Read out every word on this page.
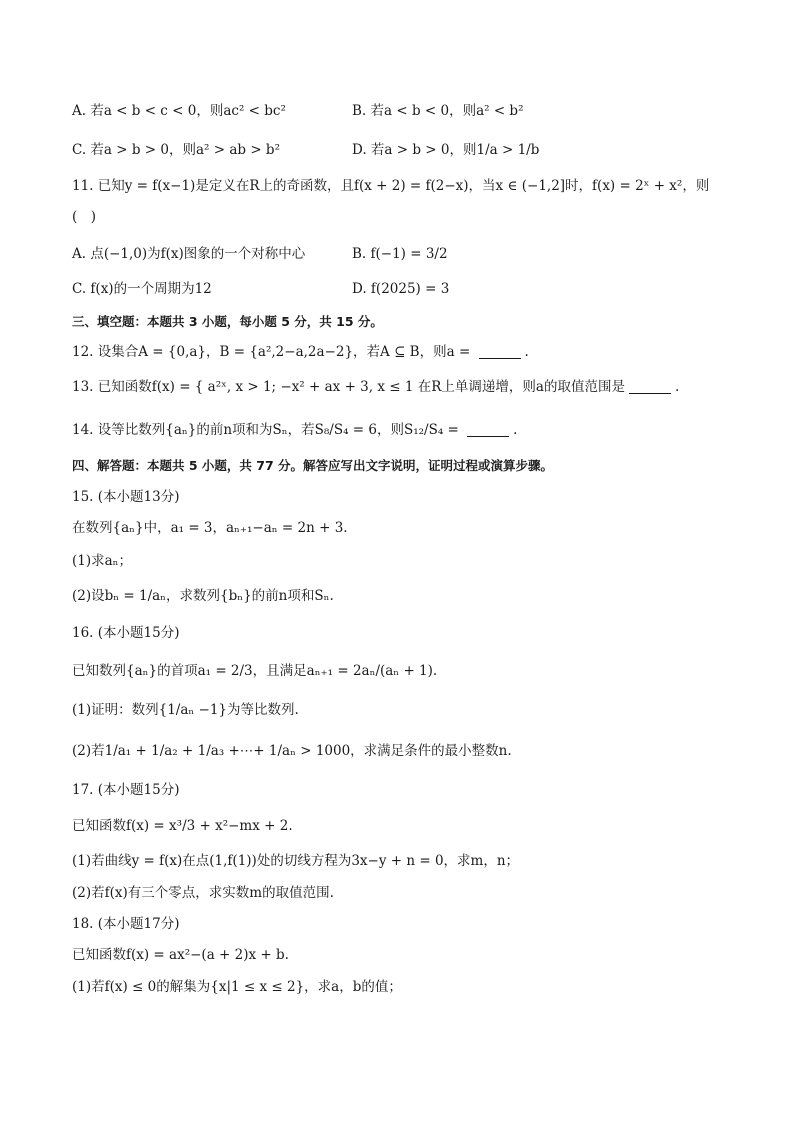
A. 若a < b < c < 0，则ac² < bc²	B. 若a < b < 0，则a² < b²
C. 若a > b > 0，则a² > ab > b²	D. 若a > b > 0，则1/a > 1/b
11. 已知y = f(x−1)是定义在R上的奇函数，且f(x + 2) = f(2−x)，当x ∈ (−1,2]时，f(x) = 2ˣ + x²，则
(　)
A. 点(−1,0)为f(x)图象的一个对称中心	B. f(−1) = 3/2
C. f(x)的一个周期为12	D. f(2025) = 3
三、填空题：本题共 3 小题，每小题 5 分，共 15 分。
12. 设集合A = {0,a}，B = {a²,2−a,2a−2}，若A ⊆ B，则a =	.
13. 已知函数f(x) = { a²ˣ, x > 1; −x² + ax + 3, x ≤ 1 在R上单调递增，则a的取值范围是	.
14. 设等比数列{aₙ}的前n项和为Sₙ，若S₈/S₄ = 6，则S₁₂/S₄ =	.
四、解答题：本题共 5 小题，共 77 分。解答应写出文字说明，证明过程或演算步骤。
15. (本小题13分)
在数列{aₙ}中，a₁ = 3，aₙ₊₁−aₙ = 2n + 3.
(1)求aₙ；
(2)设bₙ = 1/aₙ，求数列{bₙ}的前n项和Sₙ.
16. (本小题15分)
已知数列{aₙ}的首项a₁ = 2/3，且满足aₙ₊₁ = 2aₙ/(aₙ + 1).
(1)证明：数列{1/aₙ −1}为等比数列.
(2)若1/a₁ + 1/a₂ + 1/a₃ +⋯+ 1/aₙ > 1000，求满足条件的最小整数n.
17. (本小题15分)
已知函数f(x) = x³/3 + x²−mx + 2.
(1)若曲线y = f(x)在点(1,f(1))处的切线方程为3x−y + n = 0，求m，n；
(2)若f(x)有三个零点，求实数m的取值范围.
18. (本小题17分)
已知函数f(x) = ax²−(a + 2)x + b.
(1)若f(x) ≤ 0的解集为{x|1 ≤ x ≤ 2}，求a，b的值；
